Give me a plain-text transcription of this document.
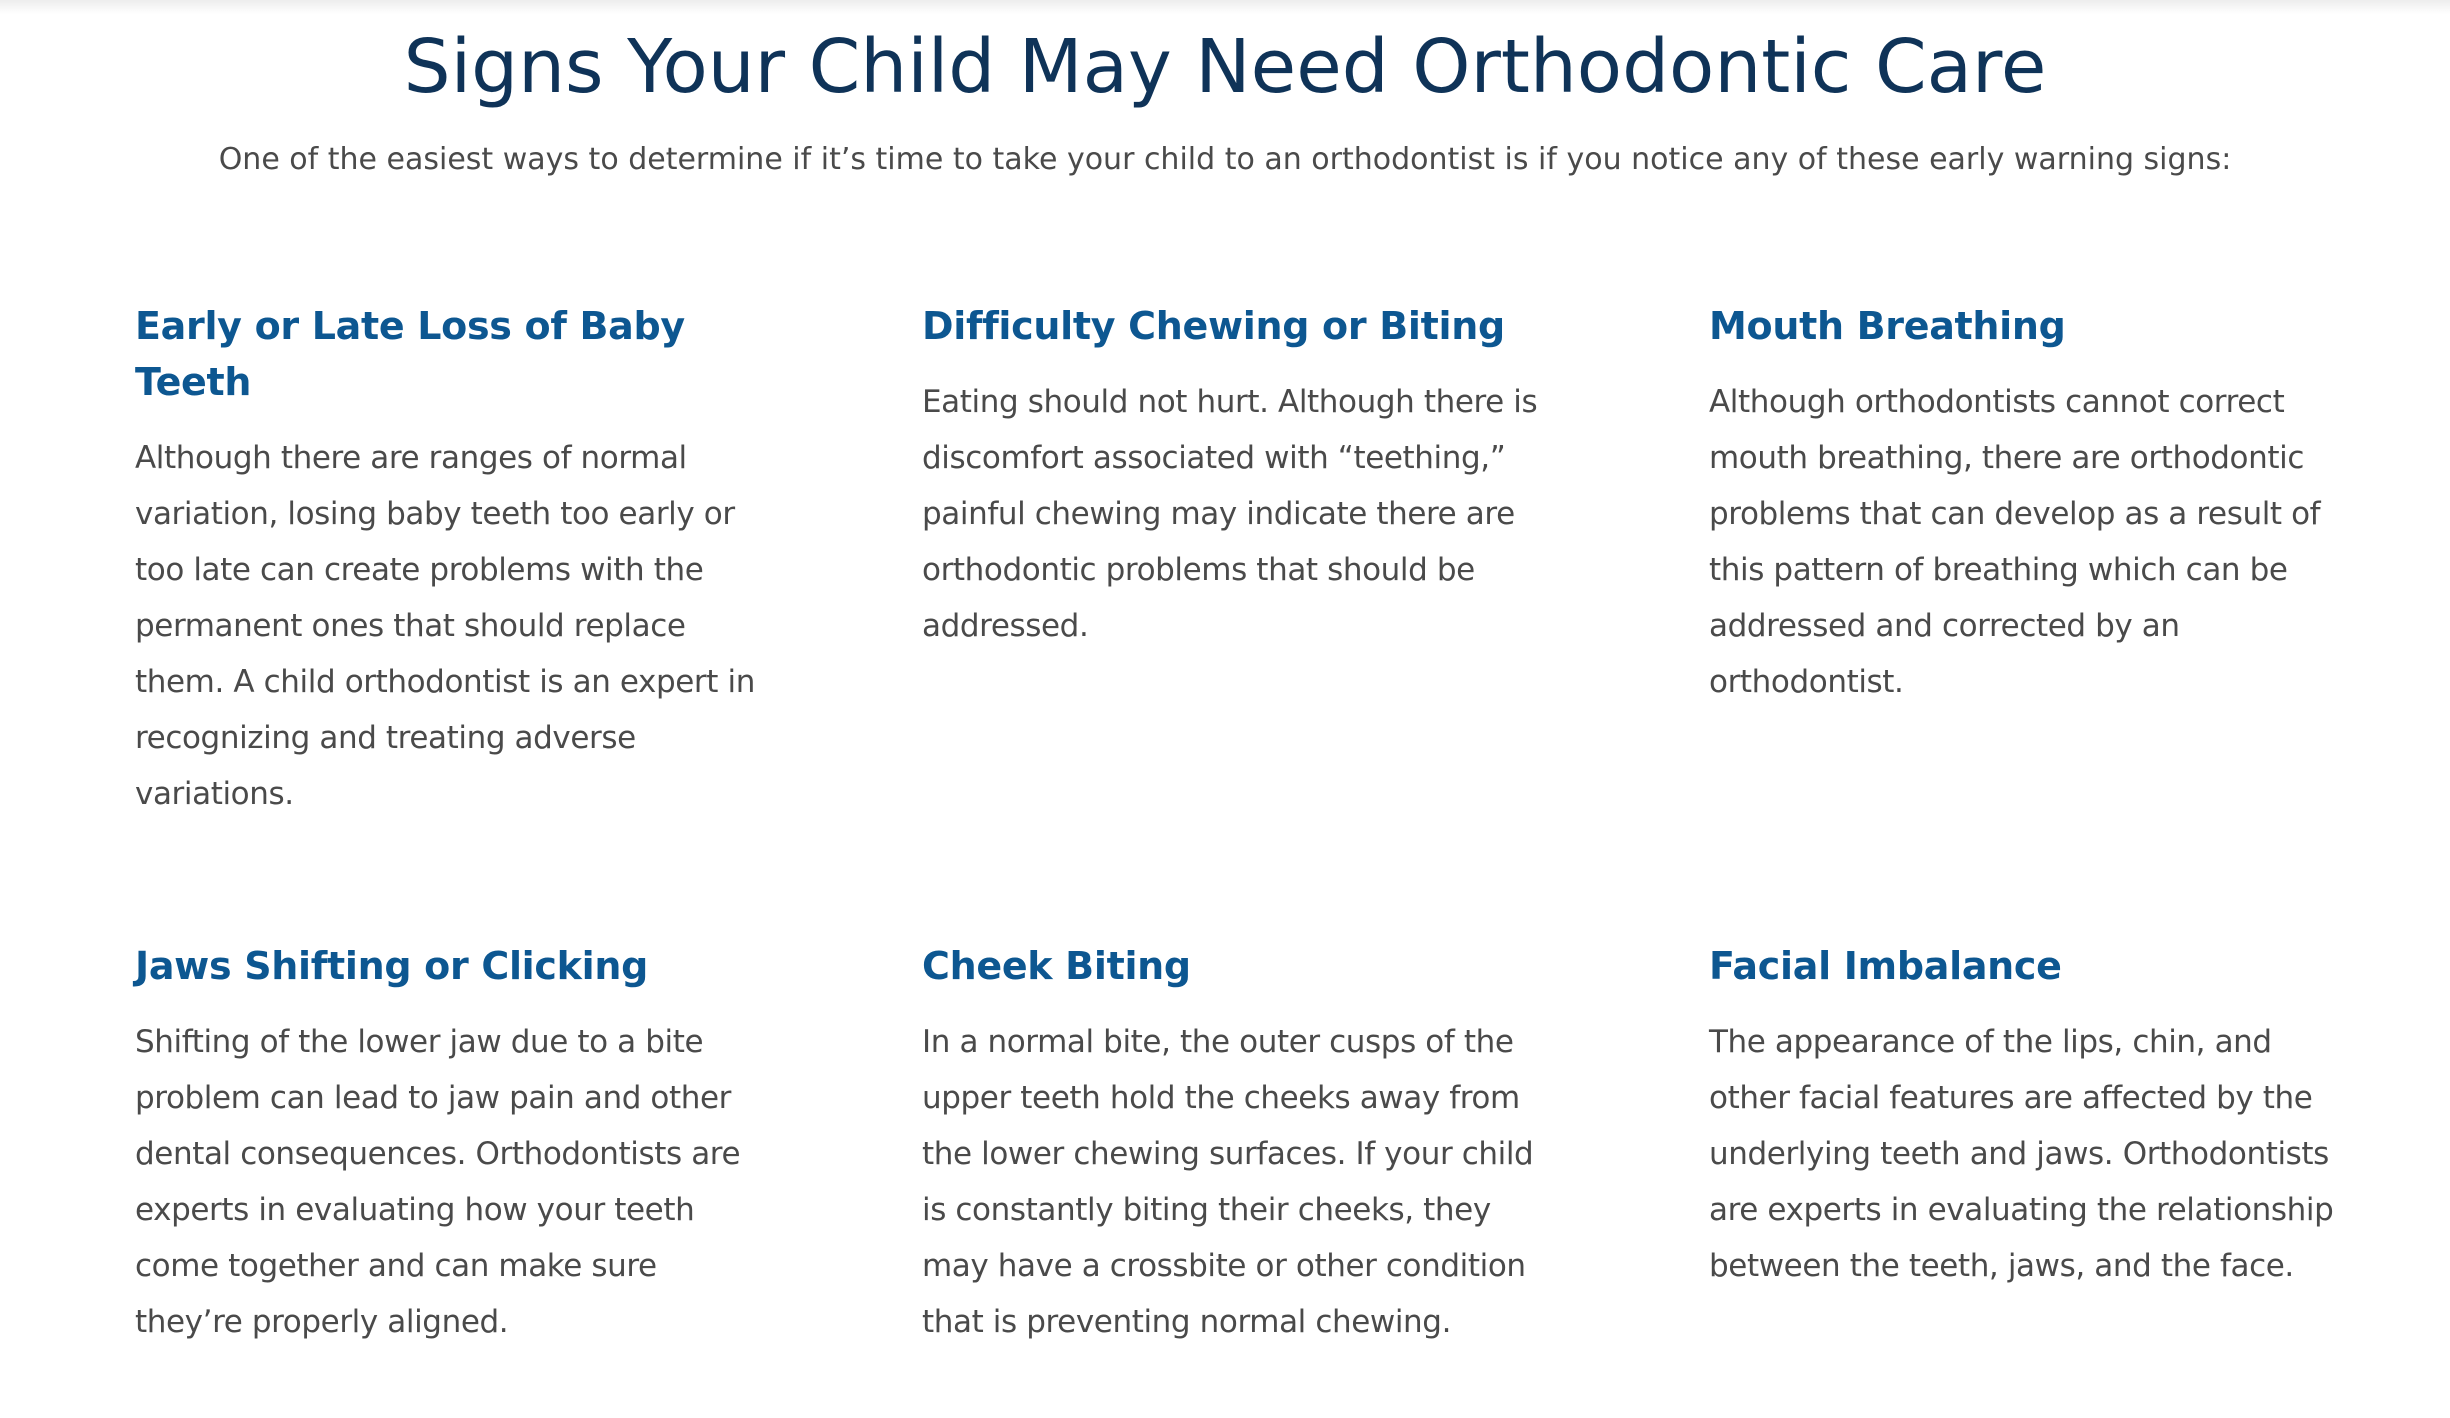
Signs Your Child May Need Orthodontic Care

One of the easiest ways to determine if it’s time to take your child to an orthodontist is if you notice any of these early warning signs:

Early or Late Loss of Baby Teeth

Although there are ranges of normal variation, losing baby teeth too early or too late can create problems with the permanent ones that should replace them. A child orthodontist is an expert in recognizing and treating adverse variations.

Difficulty Chewing or Biting

Eating should not hurt. Although there is discomfort associated with “teething,” painful chewing may indicate there are orthodontic problems that should be addressed.

Mouth Breathing

Although orthodontists cannot correct mouth breathing, there are orthodontic problems that can develop as a result of this pattern of breathing which can be addressed and corrected by an orthodontist.

Jaws Shifting or Clicking

Shifting of the lower jaw due to a bite problem can lead to jaw pain and other dental consequences. Orthodontists are experts in evaluating how your teeth come together and can make sure they’re properly aligned.

Cheek Biting

In a normal bite, the outer cusps of the upper teeth hold the cheeks away from the lower chewing surfaces. If your child is constantly biting their cheeks, they may have a crossbite or other condition that is preventing normal chewing.

Facial Imbalance

The appearance of the lips, chin, and other facial features are affected by the underlying teeth and jaws. Orthodontists are experts in evaluating the relationship between the teeth, jaws, and the face.
